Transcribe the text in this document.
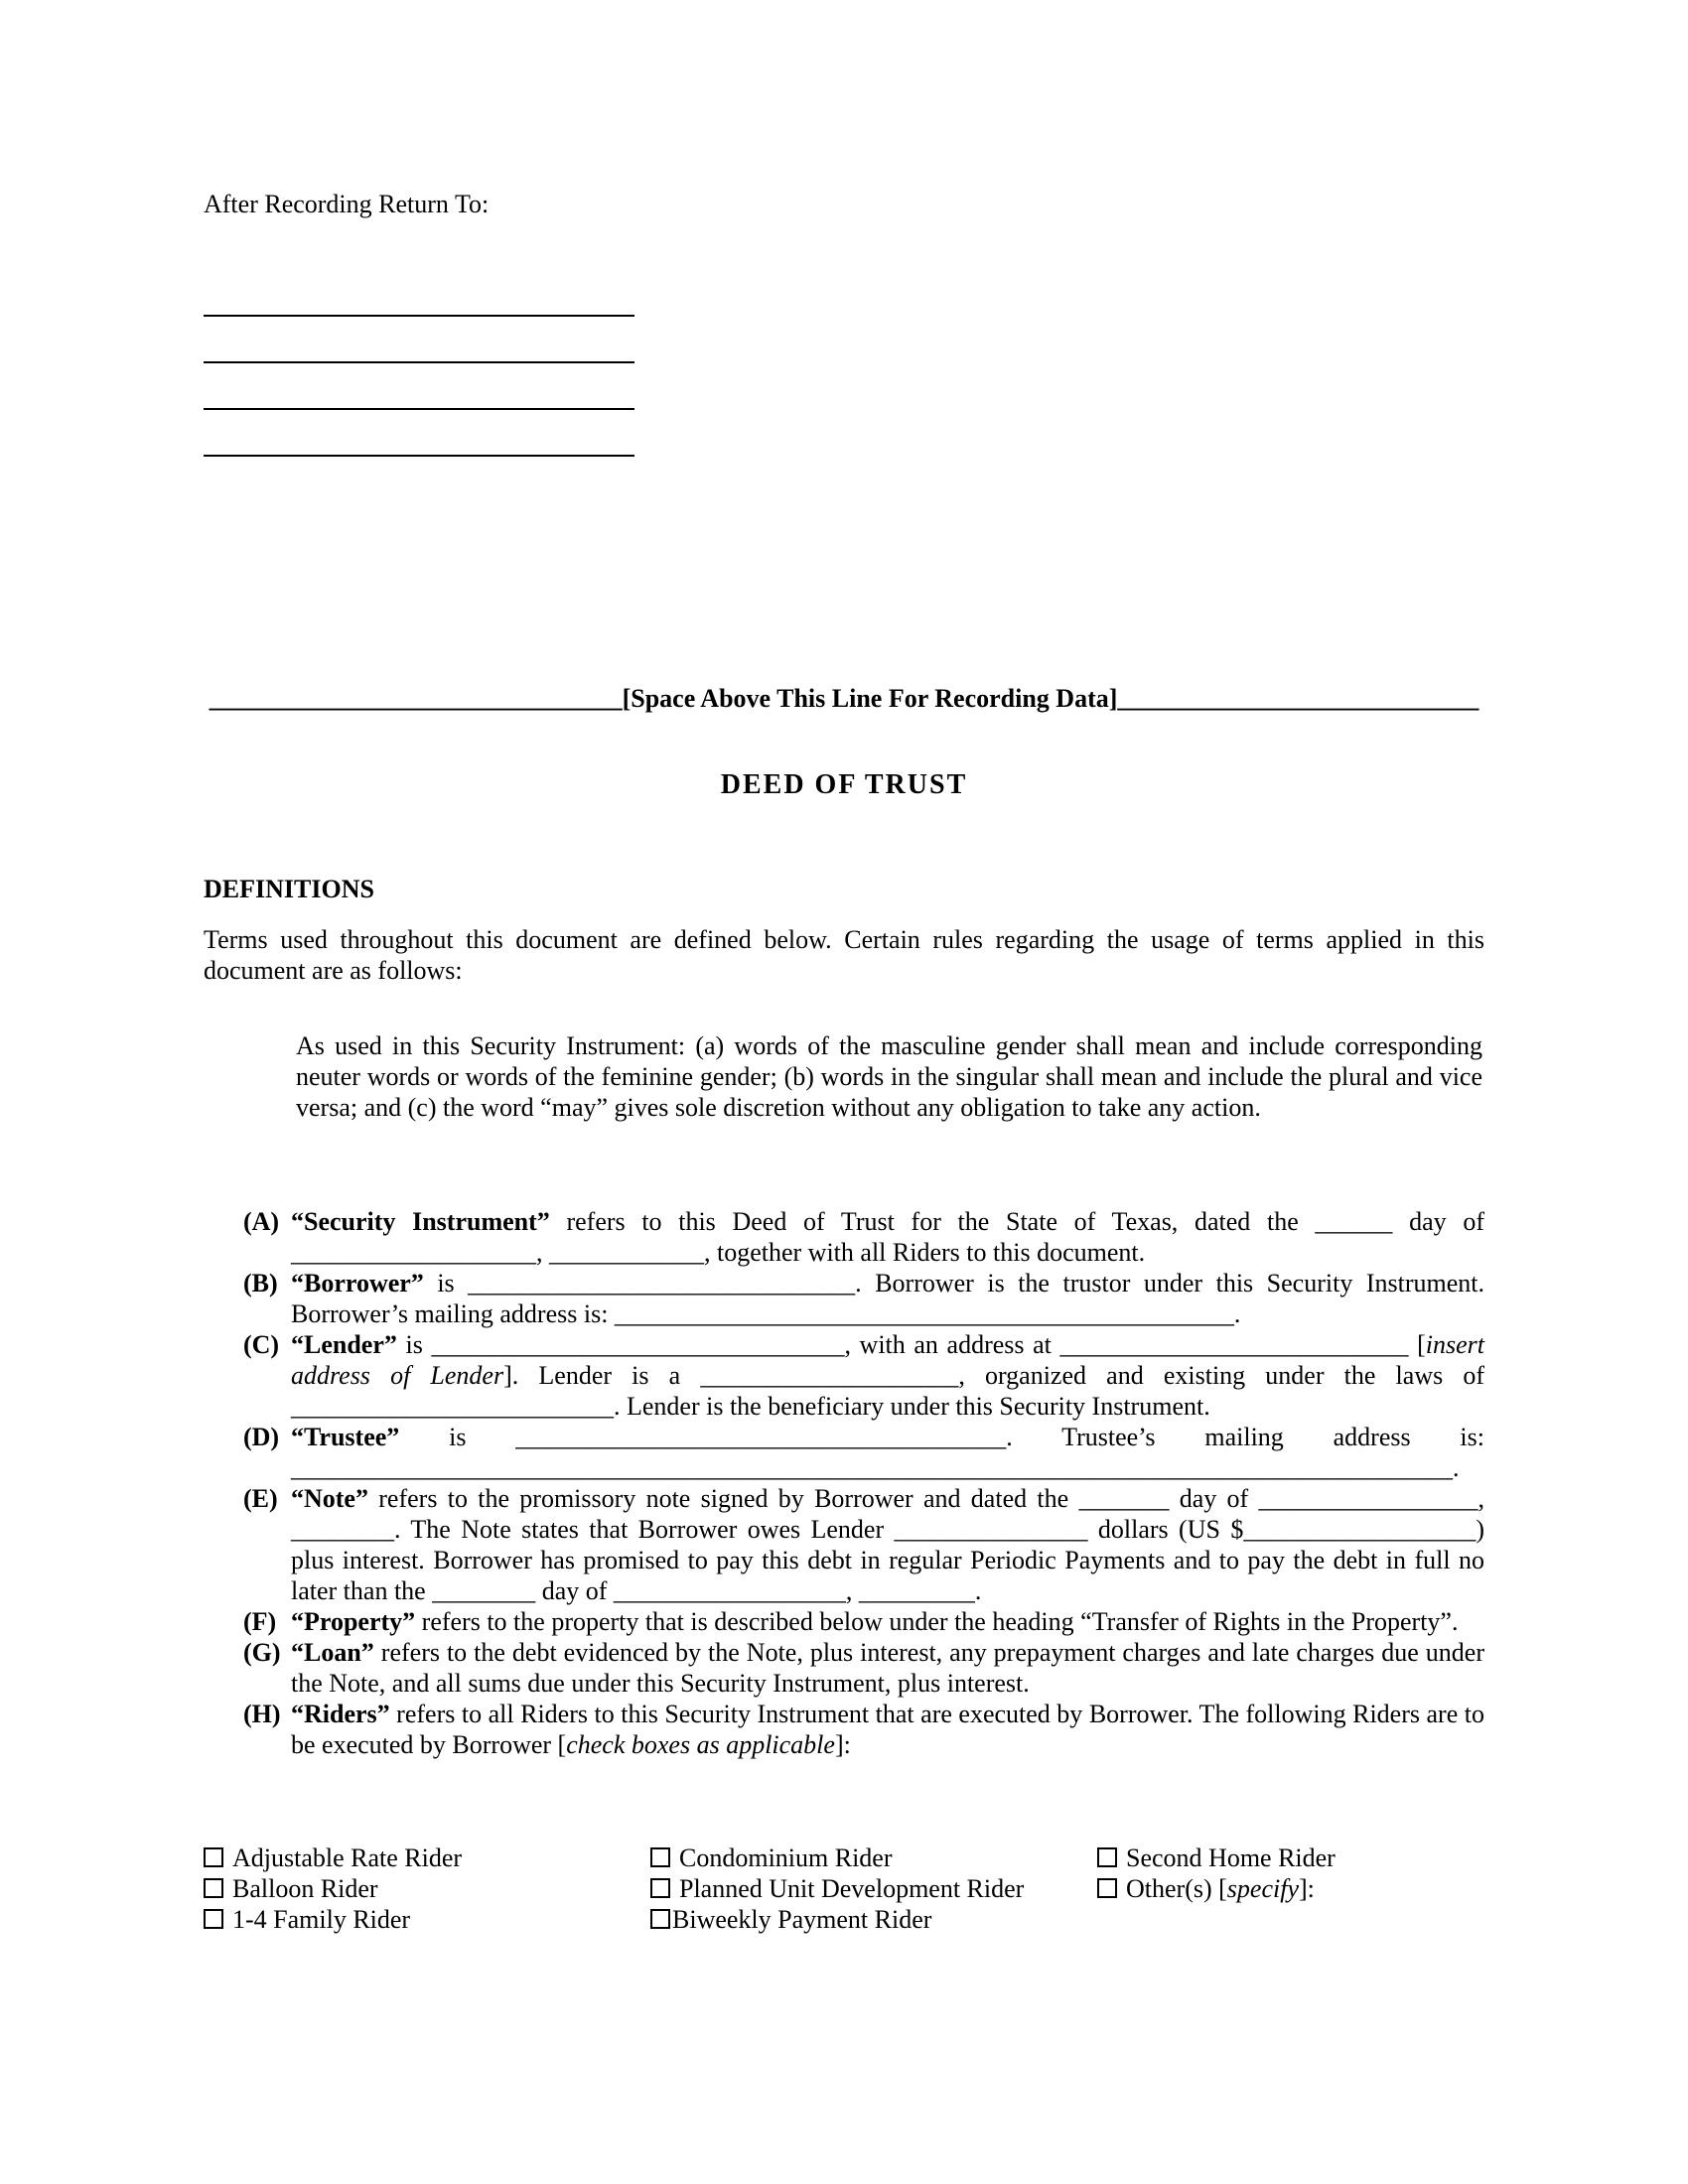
After Recording Return To:
________________________________[Space Above This Line For Recording Data]____________________________
DEED OF TRUST
DEFINITIONS
Terms used throughout this document are defined below. Certain rules regarding the usage of terms applied in this document are as follows:
As used in this Security Instrument: (a) words of the masculine gender shall mean and include corresponding neuter words or words of the feminine gender; (b) words in the singular shall mean and include the plural and vice versa; and (c) the word “may” gives sole discretion without any obligation to take any action.

(A) “Security Instrument” refers to this Deed of Trust for the State of Texas, dated the ______ day of ___________________, ____________, together with all Riders to this document.

(B) “Borrower” is ______________________________. Borrower is the trustor under this Security Instrument. Borrower’s mailing address is: ________________________________________________.

(C) “Lender” is ________________________________, with an address at ___________________________ [insert address of Lender]. Lender is a ____________________, organized and existing under the laws of _________________________. Lender is the beneficiary under this Security Instrument.

(D) “Trustee” is ______________________________________. Trustee’s mailing address is: __________________________________________________________________________________________.

(E) “Note” refers to the promissory note signed by Borrower and dated the _______ day of _________________, ________. The Note states that Borrower owes Lender _______________ dollars (US $__________________) plus interest. Borrower has promised to pay this debt in regular Periodic Payments and to pay the debt in full no later than the ________ day of __________________, _________.

(F) “Property” refers to the property that is described below under the heading “Transfer of Rights in the Property”.

(G) “Loan” refers to the debt evidenced by the Note, plus interest, any prepayment charges and late charges due under the Note, and all sums due under this Security Instrument, plus interest.

(H) “Riders” refers to all Riders to this Security Instrument that are executed by Borrower. The following Riders are to be executed by Borrower [check boxes as applicable]:

Adjustable Rate Rider	Condominium Rider	Second Home Rider
Balloon Rider	Planned Unit Development Rider	Other(s) [specify]:
1-4 Family Rider	Biweekly Payment Rider
